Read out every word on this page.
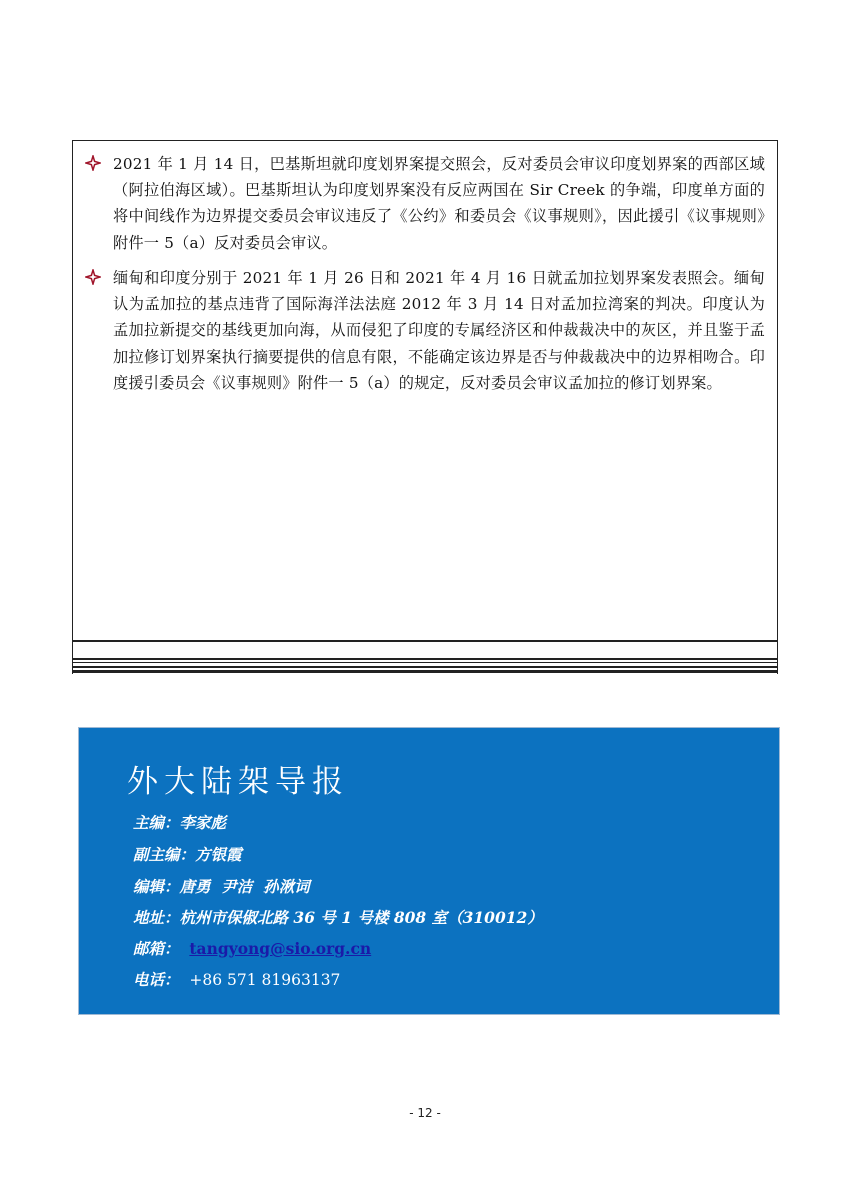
2021 年 1 月 14 日，巴基斯坦就印度划界案提交照会，反对委员会审议印度划界案的西部区域（阿拉伯海区域）。巴基斯坦认为印度划界案没有反应两国在 Sir Creek 的争端，印度单方面的将中间线作为边界提交委员会审议违反了《公约》和委员会《议事规则》，因此援引《议事规则》附件一 5（a）反对委员会审议。

缅甸和印度分别于 2021 年 1 月 26 日和 2021 年 4 月 16 日就孟加拉划界案发表照会。缅甸认为孟加拉的基点违背了国际海洋法法庭 2012 年 3 月 14 日对孟加拉湾案的判决。印度认为孟加拉新提交的基线更加向海，从而侵犯了印度的专属经济区和仲裁裁决中的灰区，并且鉴于孟加拉修订划界案执行摘要提供的信息有限，不能确定该边界是否与仲裁裁决中的边界相吻合。印度援引委员会《议事规则》附件一 5（a）的规定，反对委员会审议孟加拉的修订划界案。

外大陆架导报
主编：李家彪
副主编：方银霞
编辑：唐勇  尹洁  孙湫词
地址：杭州市保俶北路 36 号 1 号楼 808 室（310012）
邮箱： tangyong@sio.org.cn
电话： +86 571 81963137
- 12 -
